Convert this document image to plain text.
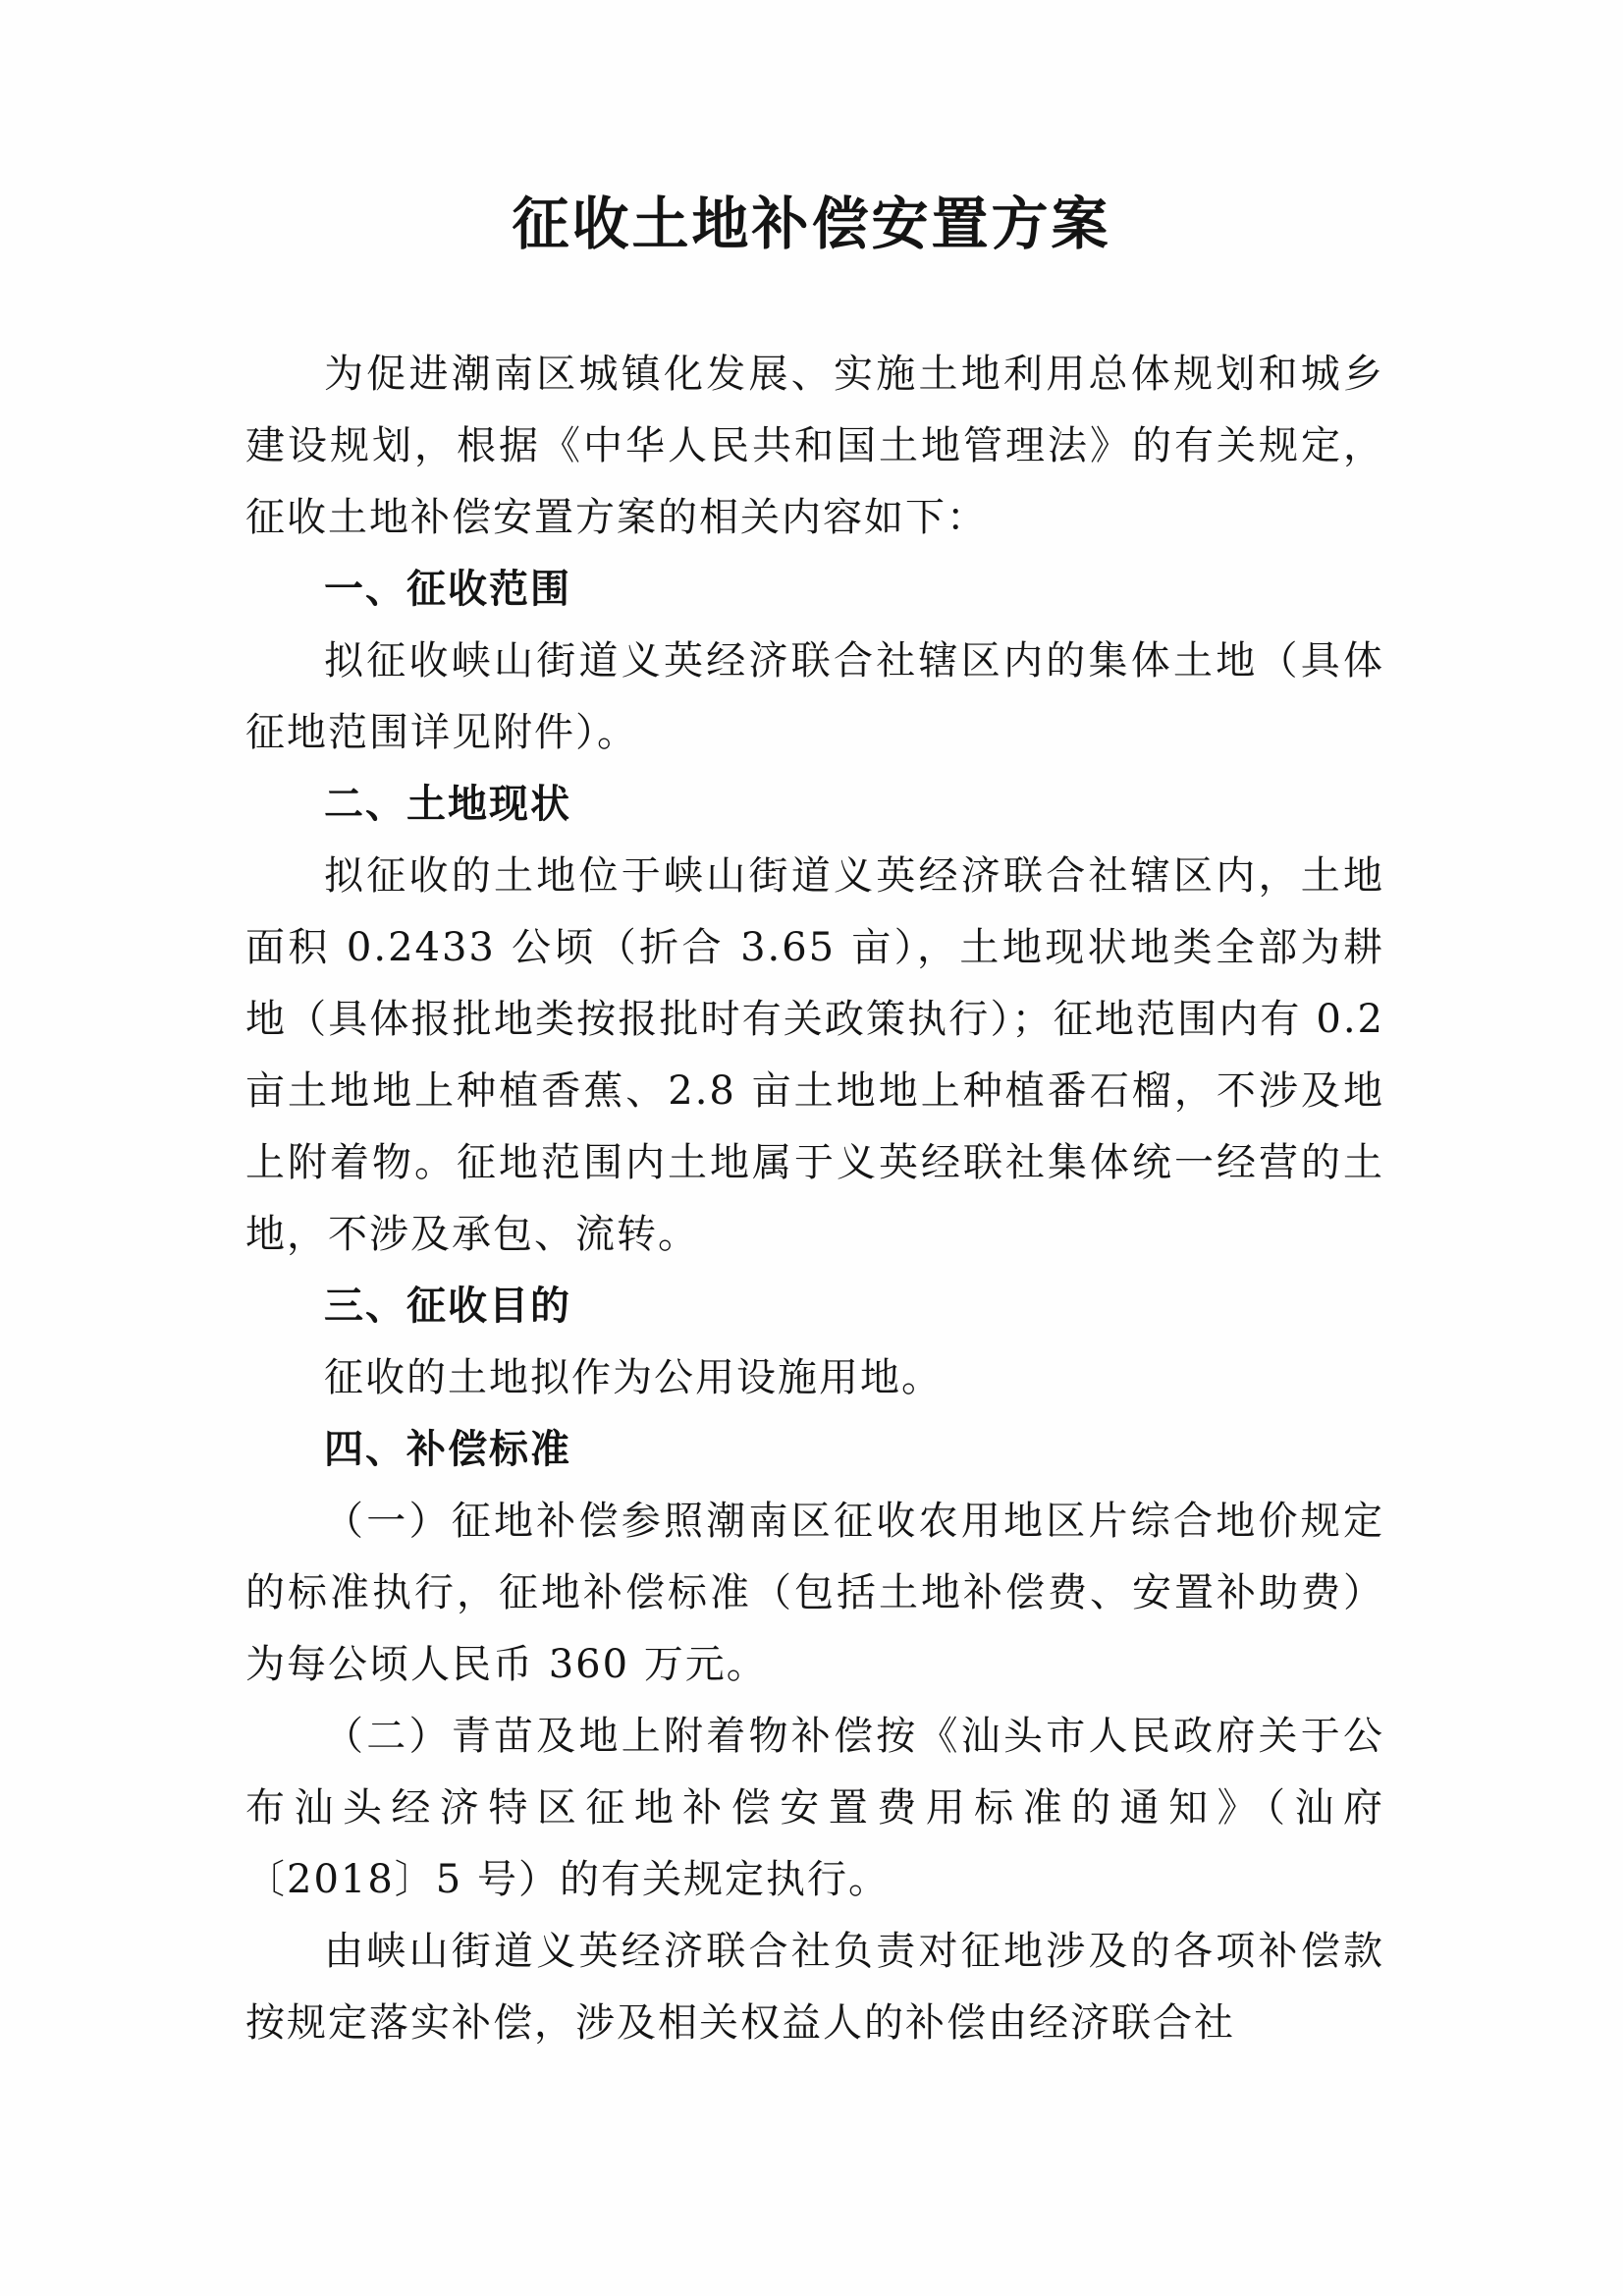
征收土地补偿安置方案

为促进潮南区城镇化发展、实施土地利用总体规划和城乡建设规划，根据《中华人民共和国土地管理法》的有关规定，征收土地补偿安置方案的相关内容如下：

一、征收范围

拟征收峡山街道义英经济联合社辖区内的集体土地（具体征地范围详见附件）。

二、土地现状

拟征收的土地位于峡山街道义英经济联合社辖区内，土地面积 0.2433 公顷（折合 3.65 亩），土地现状地类全部为耕地（具体报批地类按报批时有关政策执行）；征地范围内有 0.2 亩土地地上种植香蕉、2.8 亩土地地上种植番石榴，不涉及地上附着物。征地范围内土地属于义英经联社集体统一经营的土地，不涉及承包、流转。

三、征收目的

征收的土地拟作为公用设施用地。

四、补偿标准

（一）征地补偿参照潮南区征收农用地区片综合地价规定的标准执行，征地补偿标准（包括土地补偿费、安置补助费）为每公顷人民币 360 万元。

（二）青苗及地上附着物补偿按《汕头市人民政府关于公布汕头经济特区征地补偿安置费用标准的通知》（汕府〔2018〕5 号）的有关规定执行。

由峡山街道义英经济联合社负责对征地涉及的各项补偿款按规定落实补偿，涉及相关权益人的补偿由经济联合社
